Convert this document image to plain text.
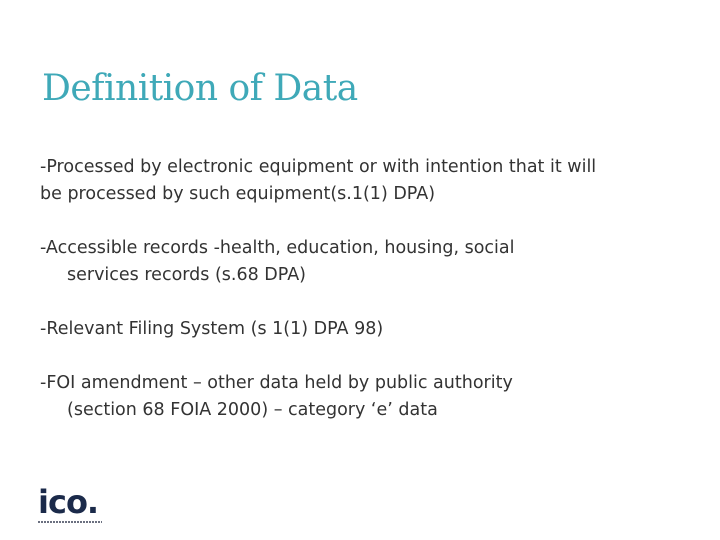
Definition of Data
-Processed by electronic equipment or with intention that it will
be processed by such equipment(s.1(1) DPA)
-Accessible records -health, education, housing, social
services records (s.68 DPA)
-Relevant Filing System (s 1(1) DPA 98)
-FOI amendment – other data held by public authority
(section 68 FOIA 2000) – category ‘e’ data
ico.
